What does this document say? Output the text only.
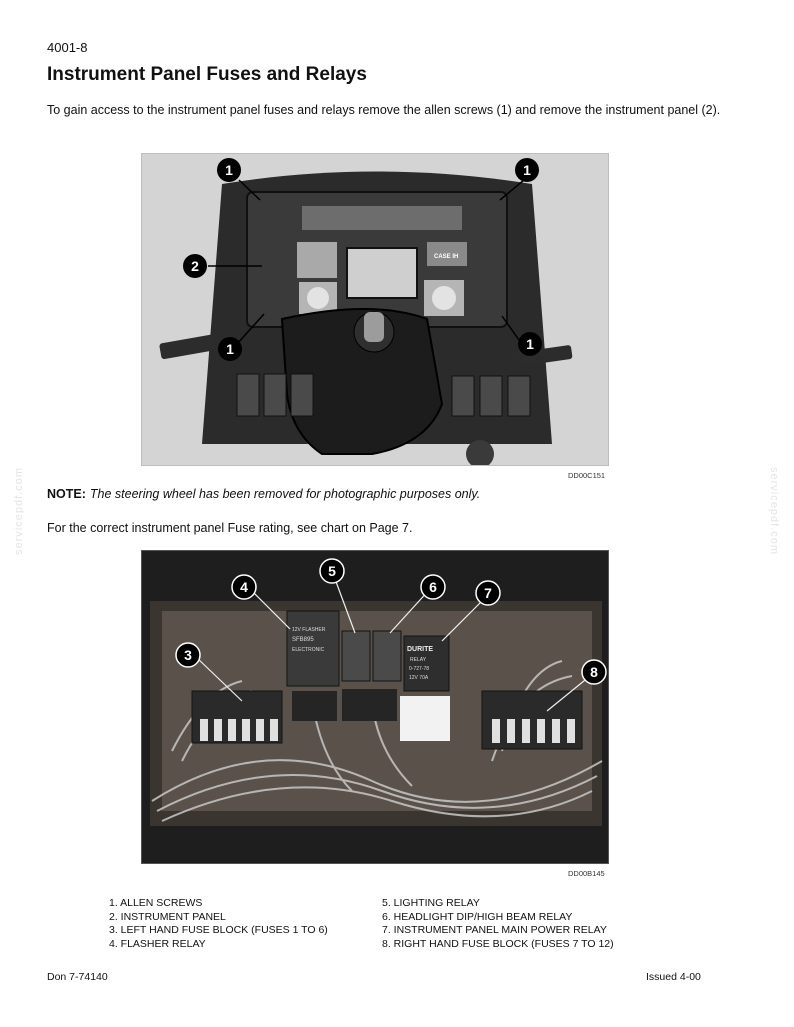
4001-8
Instrument Panel Fuses and Relays

To gain access to the instrument panel fuses and relays remove the allen screws (1) and remove the instrument panel (2).

servicepdf.com	servicepdf.com
CASE IH
1	1
2
1	1
DD00C151
NOTE: The steering wheel has been removed for photographic purposes only.
For the correct instrument panel Fuse rating, see chart on Page 7.
12V FLASHER
SFB895
ELECTRONIC	DURITE
RELAY
0-727-78
12V 70A
3
4
5
6	7
8
DD00B145
1. ALLEN SCREWS
2. INSTRUMENT PANEL
3. LEFT HAND FUSE BLOCK (FUSES 1 TO 6)
4. FLASHER RELAY
5. LIGHTING RELAY
6. HEADLIGHT DIP/HIGH BEAM RELAY
7. INSTRUMENT PANEL MAIN POWER RELAY
8. RIGHT HAND FUSE BLOCK (FUSES 7 TO 12)
Don 7-74140	Issued 4-00
